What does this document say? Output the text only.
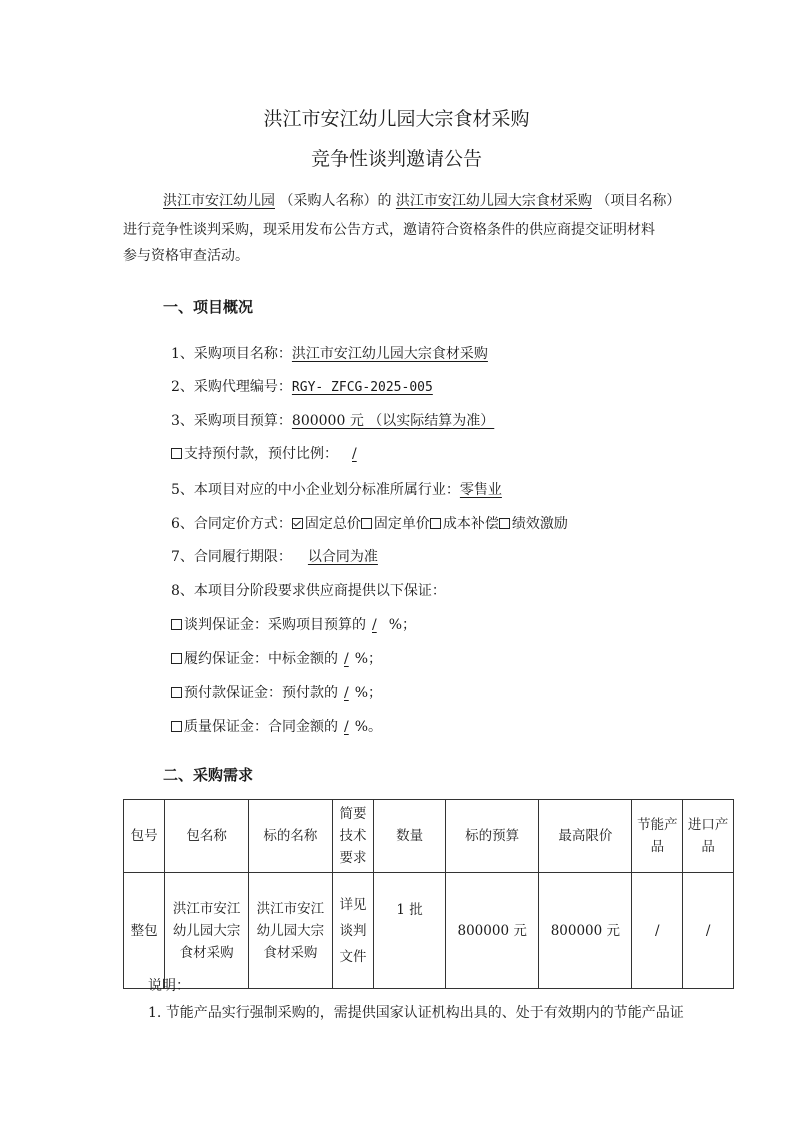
洪江市安江幼儿园大宗食材采购
竞争性谈判邀请公告
洪江市安江幼儿园 （采购人名称）的 洪江市安江幼儿园大宗食材采购 （项目名称）
进行竞争性谈判采购，现采用发布公告方式，邀请符合资格条件的供应商提交证明材料
参与资格审查活动。
一、项目概况
1、采购项目名称：洪江市安江幼儿园大宗食材采购
2、采购代理编号：RGY- ZFCG-2025-005
3、采购项目预算：800000 元 （以实际结算为准）
支持预付款，预付比例： /
5、本项目对应的中小企业划分标准所属行业：零售业
6、合同定价方式： 固定总价 固定单价 成本补偿 绩效激励
7、合同履行期限： 以合同为准
8、本项目分阶段要求供应商提供以下保证：
谈判保证金：采购项目预算的 / %；
履约保证金：中标金额的 / %；
预付款保证金：预付款的 / %；
质量保证金：合同金额的 / %。
二、采购需求
包号	包名称	标的名称	简要技术要求	数量	标的预算	最高限价	节能产品	进口产品
整包	洪江市安江幼儿园大宗食材采购	洪江市安江幼儿园大宗食材采购	详见谈判文件	1 批	800000 元	800000 元	/	/
说明：
1. 节能产品实行强制采购的，需提供国家认证机构出具的、处于有效期内的节能产品证
